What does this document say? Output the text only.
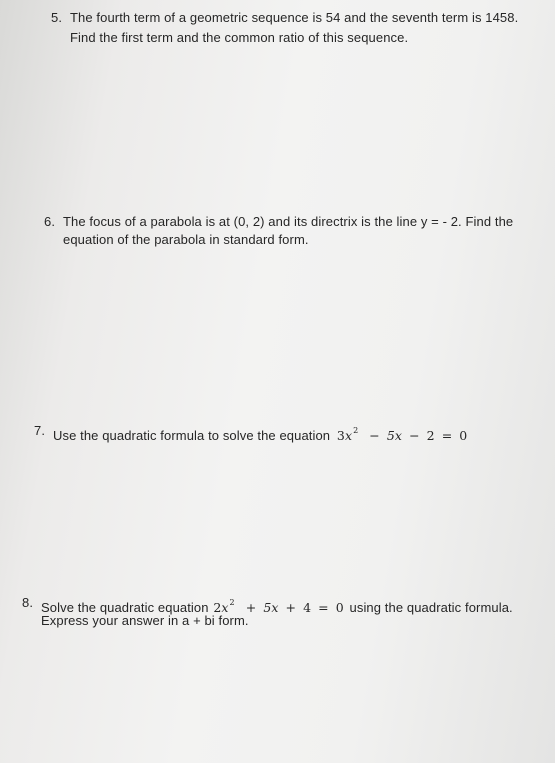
5. The fourth term of a geometric sequence is 54 and the seventh term is 1458.
Find the first term and the common ratio of this sequence.
6. The focus of a parabola is at (0, 2) and its directrix is the line y = - 2. Find the
equation of the parabola in standard form.
7. Use the quadratic formula to solve the equation $3x^2 - 5x - 2 = 0$
8. Solve the quadratic equation $2x^2 + 5x + 4 = 0$ using the quadratic formula.
Express your answer in a + bi form.
